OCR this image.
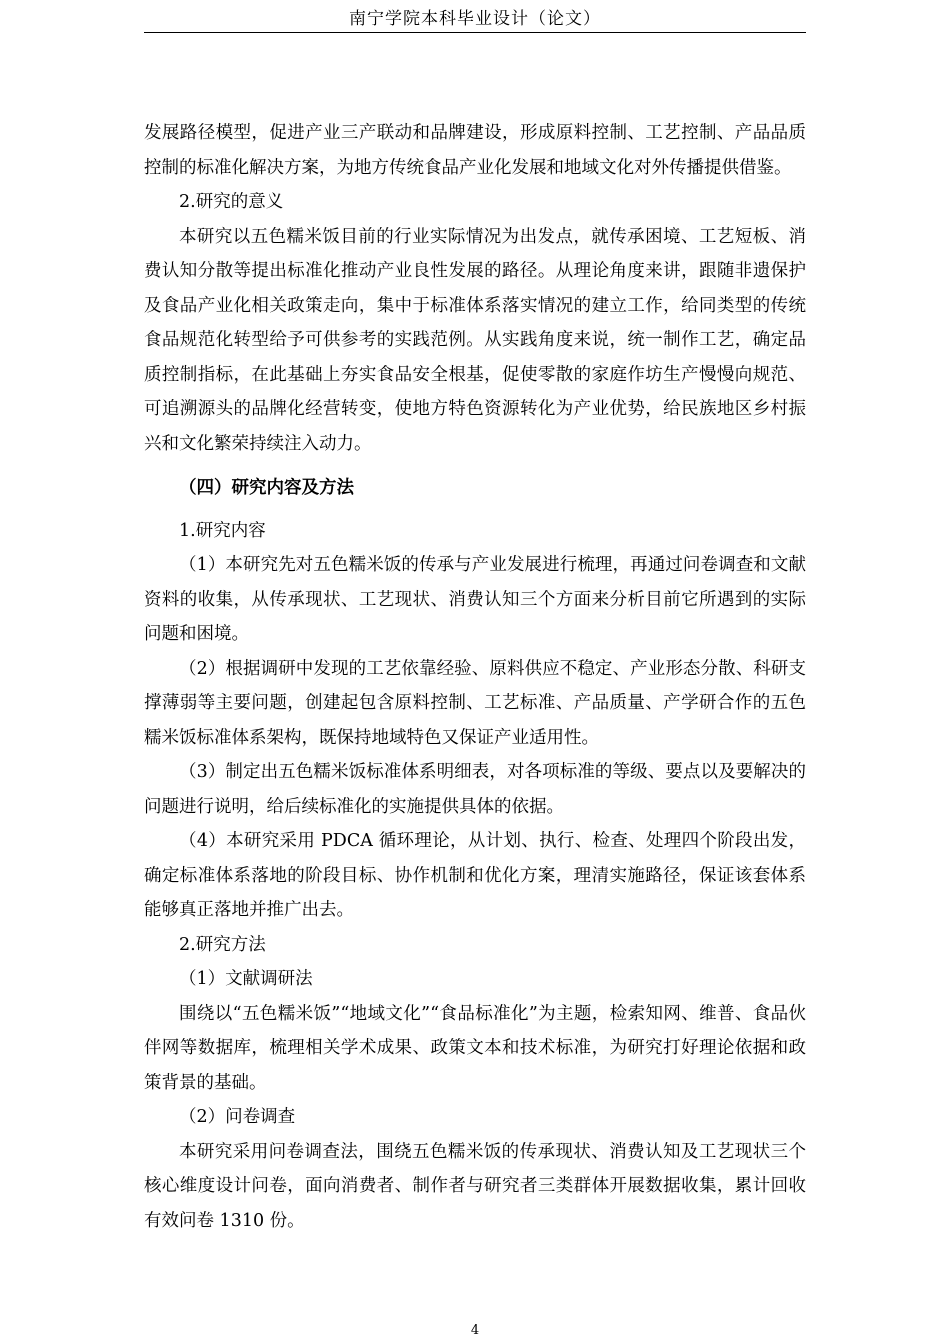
南宁学院本科毕业设计（论文）

发展路径模型，促进产业三产联动和品牌建设，形成原料控制、工艺控制、产品品质控制的标准化解决方案，为地方传统食品产业化发展和地域文化对外传播提供借鉴。

2.研究的意义

本研究以五色糯米饭目前的行业实际情况为出发点，就传承困境、工艺短板、消费认知分散等提出标准化推动产业良性发展的路径。从理论角度来讲，跟随非遗保护及食品产业化相关政策走向，集中于标准体系落实情况的建立工作，给同类型的传统食品规范化转型给予可供参考的实践范例。从实践角度来说，统一制作工艺，确定品质控制指标，在此基础上夯实食品安全根基，促使零散的家庭作坊生产慢慢向规范、可追溯源头的品牌化经营转变，使地方特色资源转化为产业优势，给民族地区乡村振兴和文化繁荣持续注入动力。

（四）研究内容及方法

1.研究内容

（1）本研究先对五色糯米饭的传承与产业发展进行梳理，再通过问卷调查和文献资料的收集，从传承现状、工艺现状、消费认知三个方面来分析目前它所遇到的实际问题和困境。

（2）根据调研中发现的工艺依靠经验、原料供应不稳定、产业形态分散、科研支撑薄弱等主要问题，创建起包含原料控制、工艺标准、产品质量、产学研合作的五色糯米饭标准体系架构，既保持地域特色又保证产业适用性。

（3）制定出五色糯米饭标准体系明细表，对各项标准的等级、要点以及要解决的问题进行说明，给后续标准化的实施提供具体的依据。

（4）本研究采用 PDCA 循环理论，从计划、执行、检查、处理四个阶段出发，确定标准体系落地的阶段目标、协作机制和优化方案，理清实施路径，保证该套体系能够真正落地并推广出去。

2.研究方法

（1）文献调研法

围绕以“五色糯米饭”“地域文化”“食品标准化”为主题，检索知网、维普、食品伙伴网等数据库，梳理相关学术成果、政策文本和技术标准，为研究打好理论依据和政策背景的基础。

（2）问卷调查

本研究采用问卷调查法，围绕五色糯米饭的传承现状、消费认知及工艺现状三个核心维度设计问卷，面向消费者、制作者与研究者三类群体开展数据收集，累计回收有效问卷 1310 份。

4
